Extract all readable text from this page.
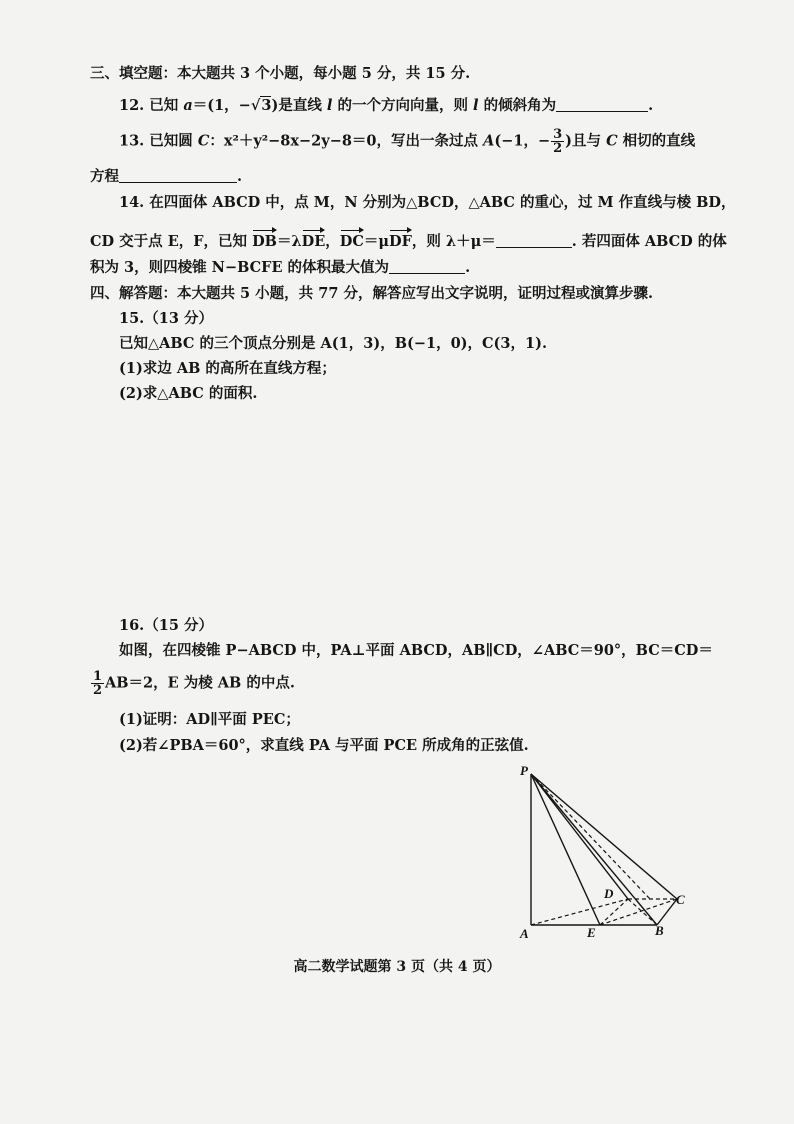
三、填空题：本大题共 3 个小题，每小题 5 分，共 15 分.
12. 已知 a＝(1，−√3)是直线 l 的一个方向向量，则 l 的倾斜角为	.
13. 已知圆 C：x²＋y²−8x−2y−8＝0，写出一条过点 A(−1，− $\frac{3}{2}$ )且与 C 相切的直线
方程	.
14. 在四面体 ABCD 中，点 M，N 分别为△BCD，△ABC 的重心，过 M 作直线与棱 BD，
CD 交于点 E，F，已知 DB＝λDE，DC＝μDF，则 λ＋μ＝	. 若四面体 ABCD 的体
积为 3，则四棱锥 N−BCFE 的体积最大值为	.
四、解答题：本大题共 5 小题，共 77 分，解答应写出文字说明，证明过程或演算步骤.
15.（13 分）
已知△ABC 的三个顶点分别是 A(1，3)，B(−1，0)，C(3，1).
(1)求边 AB 的高所在直线方程；
(2)求△ABC 的面积.
16.（15 分）
如图，在四棱锥 P−ABCD 中，PA⊥平面 ABCD，AB∥CD，∠ABC＝90°，BC＝CD＝
$\frac{1}{2} AB=2$，E 为棱 AB 的中点.
(1)证明：AD∥平面 PEC；
(2)若∠PBA＝60°，求直线 PA 与平面 PCE 所成角的正弦值.
P
A	E	B
C
D
高二数学试题第 3 页（共 4 页）
